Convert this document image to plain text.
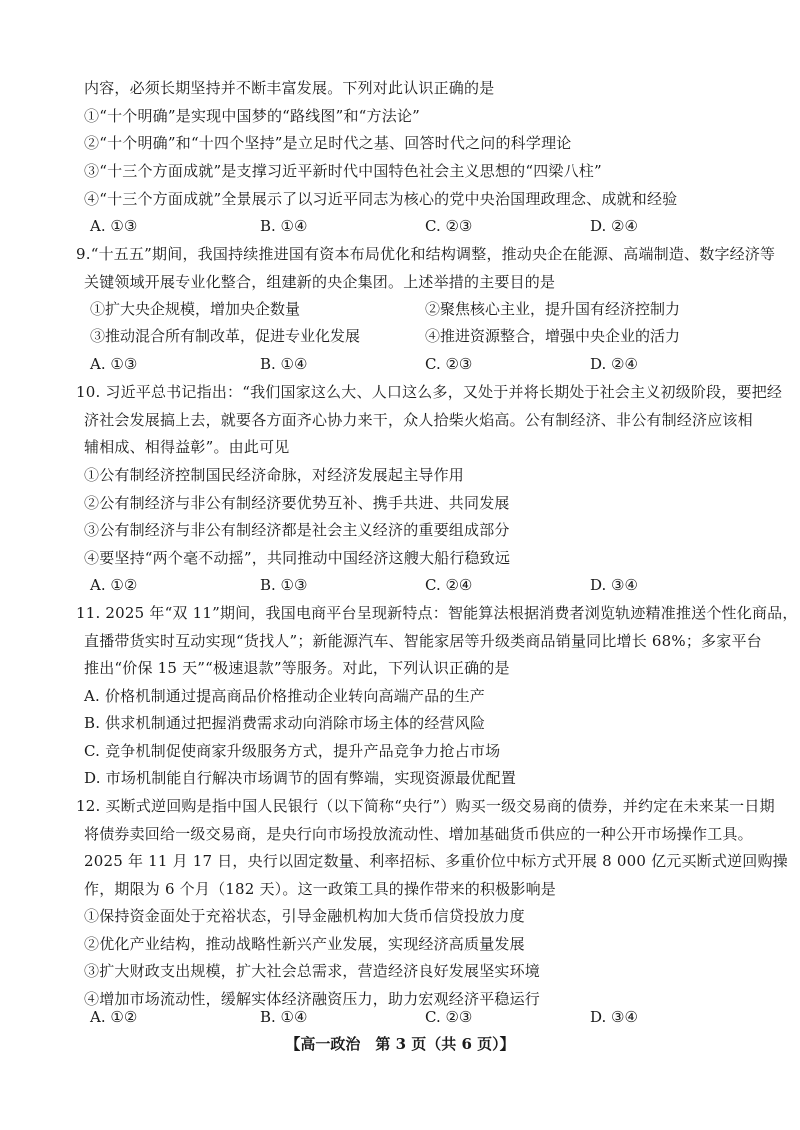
内容，必须长期坚持并不断丰富发展。下列对此认识正确的是
①“十个明确”是实现中国梦的“路线图”和“方法论”
②“十个明确”和“十四个坚持”是立足时代之基、回答时代之问的科学理论
③“十三个方面成就”是支撑习近平新时代中国特色社会主义思想的“四梁八柱”
④“十三个方面成就”全景展示了以习近平同志为核心的党中央治国理政理念、成就和经验
A. ①③	B. ①④	C. ②③	D. ②④
9.“十五五”期间，我国持续推进国有资本布局优化和结构调整，推动央企在能源、高端制造、数字经济等
关键领域开展专业化整合，组建新的央企集团。上述举措的主要目的是
①扩大央企规模，增加央企数量	②聚焦核心主业，提升国有经济控制力
③推动混合所有制改革，促进专业化发展	④推进资源整合，增强中央企业的活力
A. ①③	B. ①④	C. ②③	D. ②④
10. 习近平总书记指出：“我们国家这么大、人口这么多，又处于并将长期处于社会主义初级阶段，要把经
济社会发展搞上去，就要各方面齐心协力来干，众人拾柴火焰高。公有制经济、非公有制经济应该相
辅相成、相得益彰”。由此可见
①公有制经济控制国民经济命脉，对经济发展起主导作用
②公有制经济与非公有制经济要优势互补、携手共进、共同发展
③公有制经济与非公有制经济都是社会主义经济的重要组成部分
④要坚持“两个毫不动摇”，共同推动中国经济这艘大船行稳致远
A. ①②	B. ①③	C. ②④	D. ③④
11. 2025 年“双 11”期间，我国电商平台呈现新特点：智能算法根据消费者浏览轨迹精准推送个性化商品，
直播带货实时互动实现“货找人”；新能源汽车、智能家居等升级类商品销量同比增长 68%；多家平台
推出“价保 15 天”“极速退款”等服务。对此，下列认识正确的是
A. 价格机制通过提高商品价格推动企业转向高端产品的生产
B. 供求机制通过把握消费需求动向消除市场主体的经营风险
C. 竞争机制促使商家升级服务方式，提升产品竞争力抢占市场
D. 市场机制能自行解决市场调节的固有弊端，实现资源最优配置
12. 买断式逆回购是指中国人民银行（以下简称“央行”）购买一级交易商的债券，并约定在未来某一日期
将债券卖回给一级交易商，是央行向市场投放流动性、增加基础货币供应的一种公开市场操作工具。
2025 年 11 月 17 日，央行以固定数量、利率招标、多重价位中标方式开展 8 000 亿元买断式逆回购操
作，期限为 6 个月（182 天）。这一政策工具的操作带来的积极影响是
①保持资金面处于充裕状态，引导金融机构加大货币信贷投放力度
②优化产业结构，推动战略性新兴产业发展，实现经济高质量发展
③扩大财政支出规模，扩大社会总需求，营造经济良好发展坚实环境
④增加市场流动性，缓解实体经济融资压力，助力宏观经济平稳运行
A. ①②	B. ①④	C. ②③	D. ③④
【高一政治　第 3 页（共 6 页）】
